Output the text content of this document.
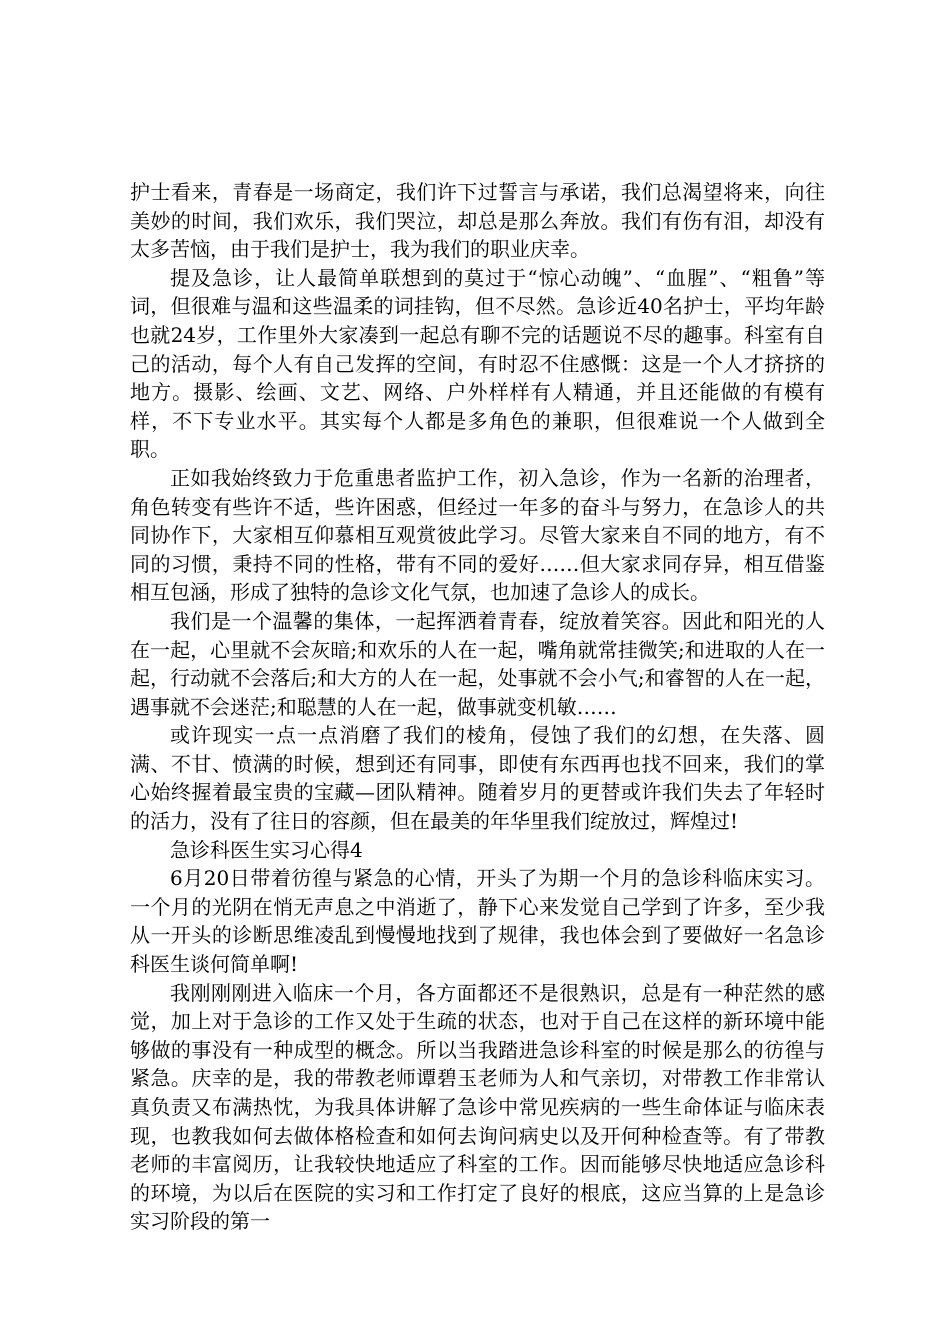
护士看来，青春是一场商定，我们许下过誓言与承诺，我们总渴望将来，向往美妙的时间，我们欢乐，我们哭泣，却总是那么奔放。我们有伤有泪，却没有太多苦恼，由于我们是护士，我为我们的职业庆幸。

提及急诊，让人最简单联想到的莫过于“惊心动魄”、“血腥”、“粗鲁”等词，但很难与温和这些温柔的词挂钩，但不尽然。急诊近40名护士，平均年龄也就24岁，工作里外大家凑到一起总有聊不完的话题说不尽的趣事。科室有自己的活动，每个人有自己发挥的空间，有时忍不住感慨：这是一个人才挤挤的地方。摄影、绘画、文艺、网络、户外样样有人精通，并且还能做的有模有样，不下专业水平。其实每个人都是多角色的兼职，但很难说一个人做到全职。

正如我始终致力于危重患者监护工作，初入急诊，作为一名新的治理者，角色转变有些许不适，些许困惑，但经过一年多的奋斗与努力，在急诊人的共同协作下，大家相互仰慕相互观赏彼此学习。尽管大家来自不同的地方，有不同的习惯，秉持不同的性格，带有不同的爱好……但大家求同存异，相互借鉴相互包涵，形成了独特的急诊文化气氛，也加速了急诊人的成长。

我们是一个温馨的集体，一起挥洒着青春，绽放着笑容。因此和阳光的人在一起，心里就不会灰暗;和欢乐的人在一起，嘴角就常挂微笑;和进取的人在一起，行动就不会落后;和大方的人在一起，处事就不会小气;和睿智的人在一起，遇事就不会迷茫;和聪慧的人在一起，做事就变机敏……

或许现实一点一点消磨了我们的棱角，侵蚀了我们的幻想，在失落、圆满、不甘、愤满的时候，想到还有同事，即使有东西再也找不回来，我们的掌心始终握着最宝贵的宝藏—团队精神。随着岁月的更替或许我们失去了年轻时的活力，没有了往日的容颜，但在最美的年华里我们绽放过，辉煌过!

急诊科医生实习心得4

6月20日带着彷徨与紧急的心情，开头了为期一个月的急诊科临床实习。一个月的光阴在悄无声息之中消逝了，静下心来发觉自己学到了许多，至少我从一开头的诊断思维凌乱到慢慢地找到了规律，我也体会到了要做好一名急诊科医生谈何简单啊!

我刚刚刚进入临床一个月，各方面都还不是很熟识，总是有一种茫然的感觉，加上对于急诊的工作又处于生疏的状态，也对于自己在这样的新环境中能够做的事没有一种成型的概念。所以当我踏进急诊科室的时候是那么的彷徨与紧急。庆幸的是，我的带教老师谭碧玉老师为人和气亲切，对带教工作非常认真负责又布满热忱，为我具体讲解了急诊中常见疾病的一些生命体证与临床表现，也教我如何去做体格检查和如何去询问病史以及开何种检查等。有了带教老师的丰富阅历，让我较快地适应了科室的工作。因而能够尽快地适应急诊科的环境，为以后在医院的实习和工作打定了良好的根底，这应当算的上是急诊实习阶段的第一
